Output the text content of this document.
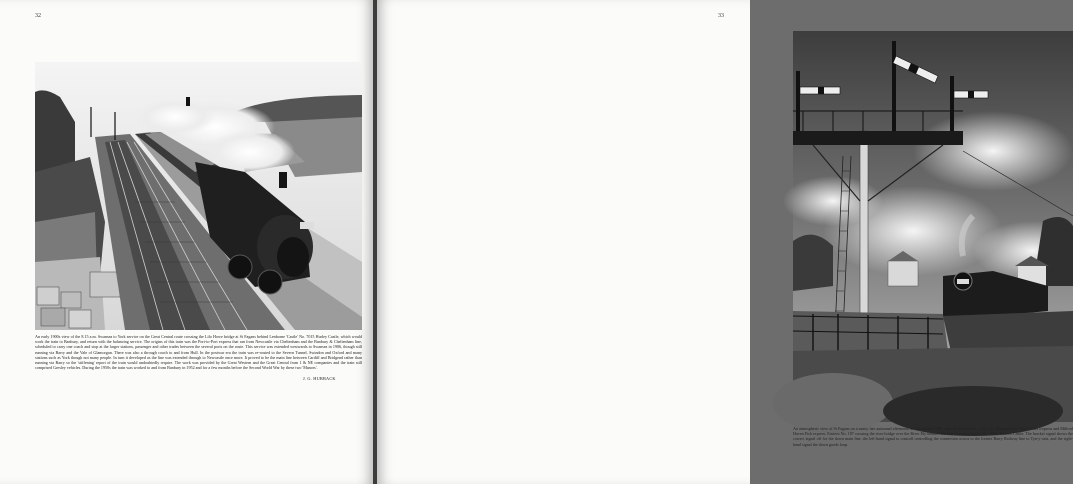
32

An early 1900s view of the 8.15 a.m. Swansea to York service on the Great Central route crossing the Lilo Howe bridge at St Fagans behind Lenborne 'Castle' No. 7015 Hurley Castle, which would work the train to Banbury, and return with the balancing service. The origins of this train was the Port-to-Port express that ran from Newcastle via Cheltenham and the Banbury & Cheltenham line, scheduled to carry one coach and stop at the larger stations, passenger and other trades between the several ports on the route. This service was extended westwards to Swansea in 1906, though still running via Barry and the Vale of Glamorgan. There was also a through coach to and from Hull. In the postwar era the train was re-routed to the Severn Tunnel, Swindon and Oxford and many stations such as York though not many people. In turn it developed as the line was extended through to Newcastle once more. It proved to be the main line between Cardiff and Bridgend rather than running via Barry so the 'stiffening' report of the train would undoubtedly require. The work was provided by the Great Western and the Great Central from 1 & NE companies and the train still comprised Gresley vehicles. During the 1950s the train was worked to and from Banbury in 1952 and for a few months before the Second World War by these two 'Manors'.

J. G. HUBBACK
33

An atmospheric view of St Fagans on a sunny late autumnal afternoon, 28 November 1959, with the westbound 11.55 a.m. Paddington to West Wales Express and Milford Haven Fish express, Eastern No. 187 crossing the river bridge over the River Ely behind Old Oak Common Castle No. 7004, Eastnor Castle. The bracket signal shows the correct signal off for the down main line, the left-hand signal to controll controlling the connection across to the former Barry Railway line to Tyn-y-caia, and the right-hand signal the down goods loop.
